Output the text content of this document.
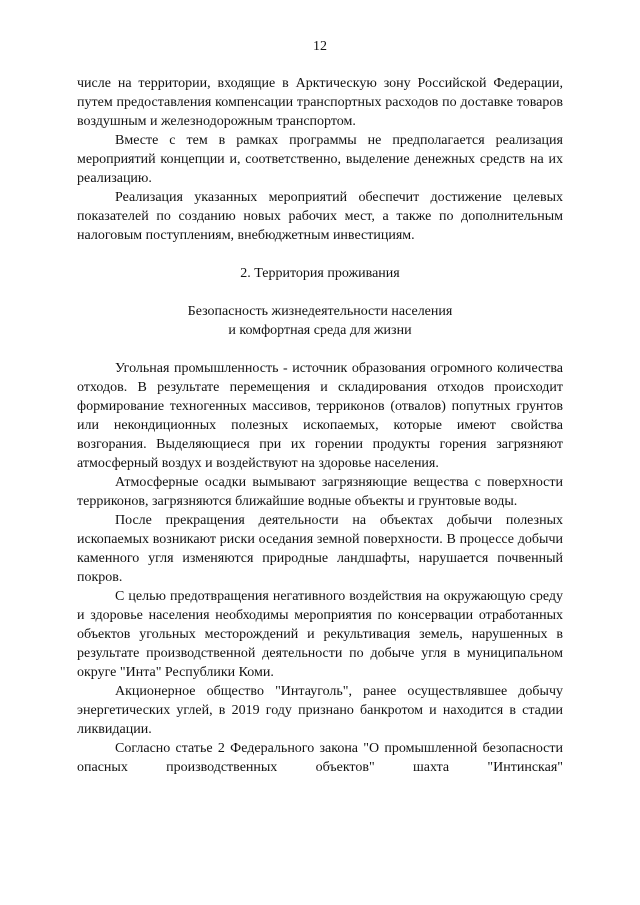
12

числе на территории, входящие в Арктическую зону Российской Федерации, путем предоставления компенсации транспортных расходов по доставке товаров воздушным и железнодорожным транспортом.

Вместе с тем в рамках программы не предполагается реализация мероприятий концепции и, соответственно, выделение денежных средств на их реализацию.

Реализация указанных мероприятий обеспечит достижение целевых показателей по созданию новых рабочих мест, а также по дополнительным налоговым поступлениям, внебюджетным инвестициям.

2. Территория проживания

Безопасность жизнедеятельности населения

и комфортная среда для жизни

Угольная промышленность - источник образования огромного количества отходов. В результате перемещения и складирования отходов происходит формирование техногенных массивов, терриконов (отвалов) попутных грунтов или некондиционных полезных ископаемых, которые имеют свойства возгорания. Выделяющиеся при их горении продукты горения загрязняют атмосферный воздух и воздействуют на здоровье населения.

Атмосферные осадки вымывают загрязняющие вещества с поверхности терриконов, загрязняются ближайшие водные объекты и грунтовые воды.

После прекращения деятельности на объектах добычи полезных ископаемых возникают риски оседания земной поверхности. В процессе добычи каменного угля изменяются природные ландшафты, нарушается почвенный покров.

С целью предотвращения негативного воздействия на окружающую среду и здоровье населения необходимы мероприятия по консервации отработанных объектов угольных месторождений и рекультивация земель, нарушенных в результате производственной деятельности по добыче угля в муниципальном округе "Инта" Республики Коми.

Акционерное общество "Интауголь", ранее осуществлявшее добычу энергетических углей, в 2019 году признано банкротом и находится в стадии ликвидации.

Согласно статье 2 Федерального закона "О промышленной безопасности опасных производственных объектов" шахта "Интинская"
